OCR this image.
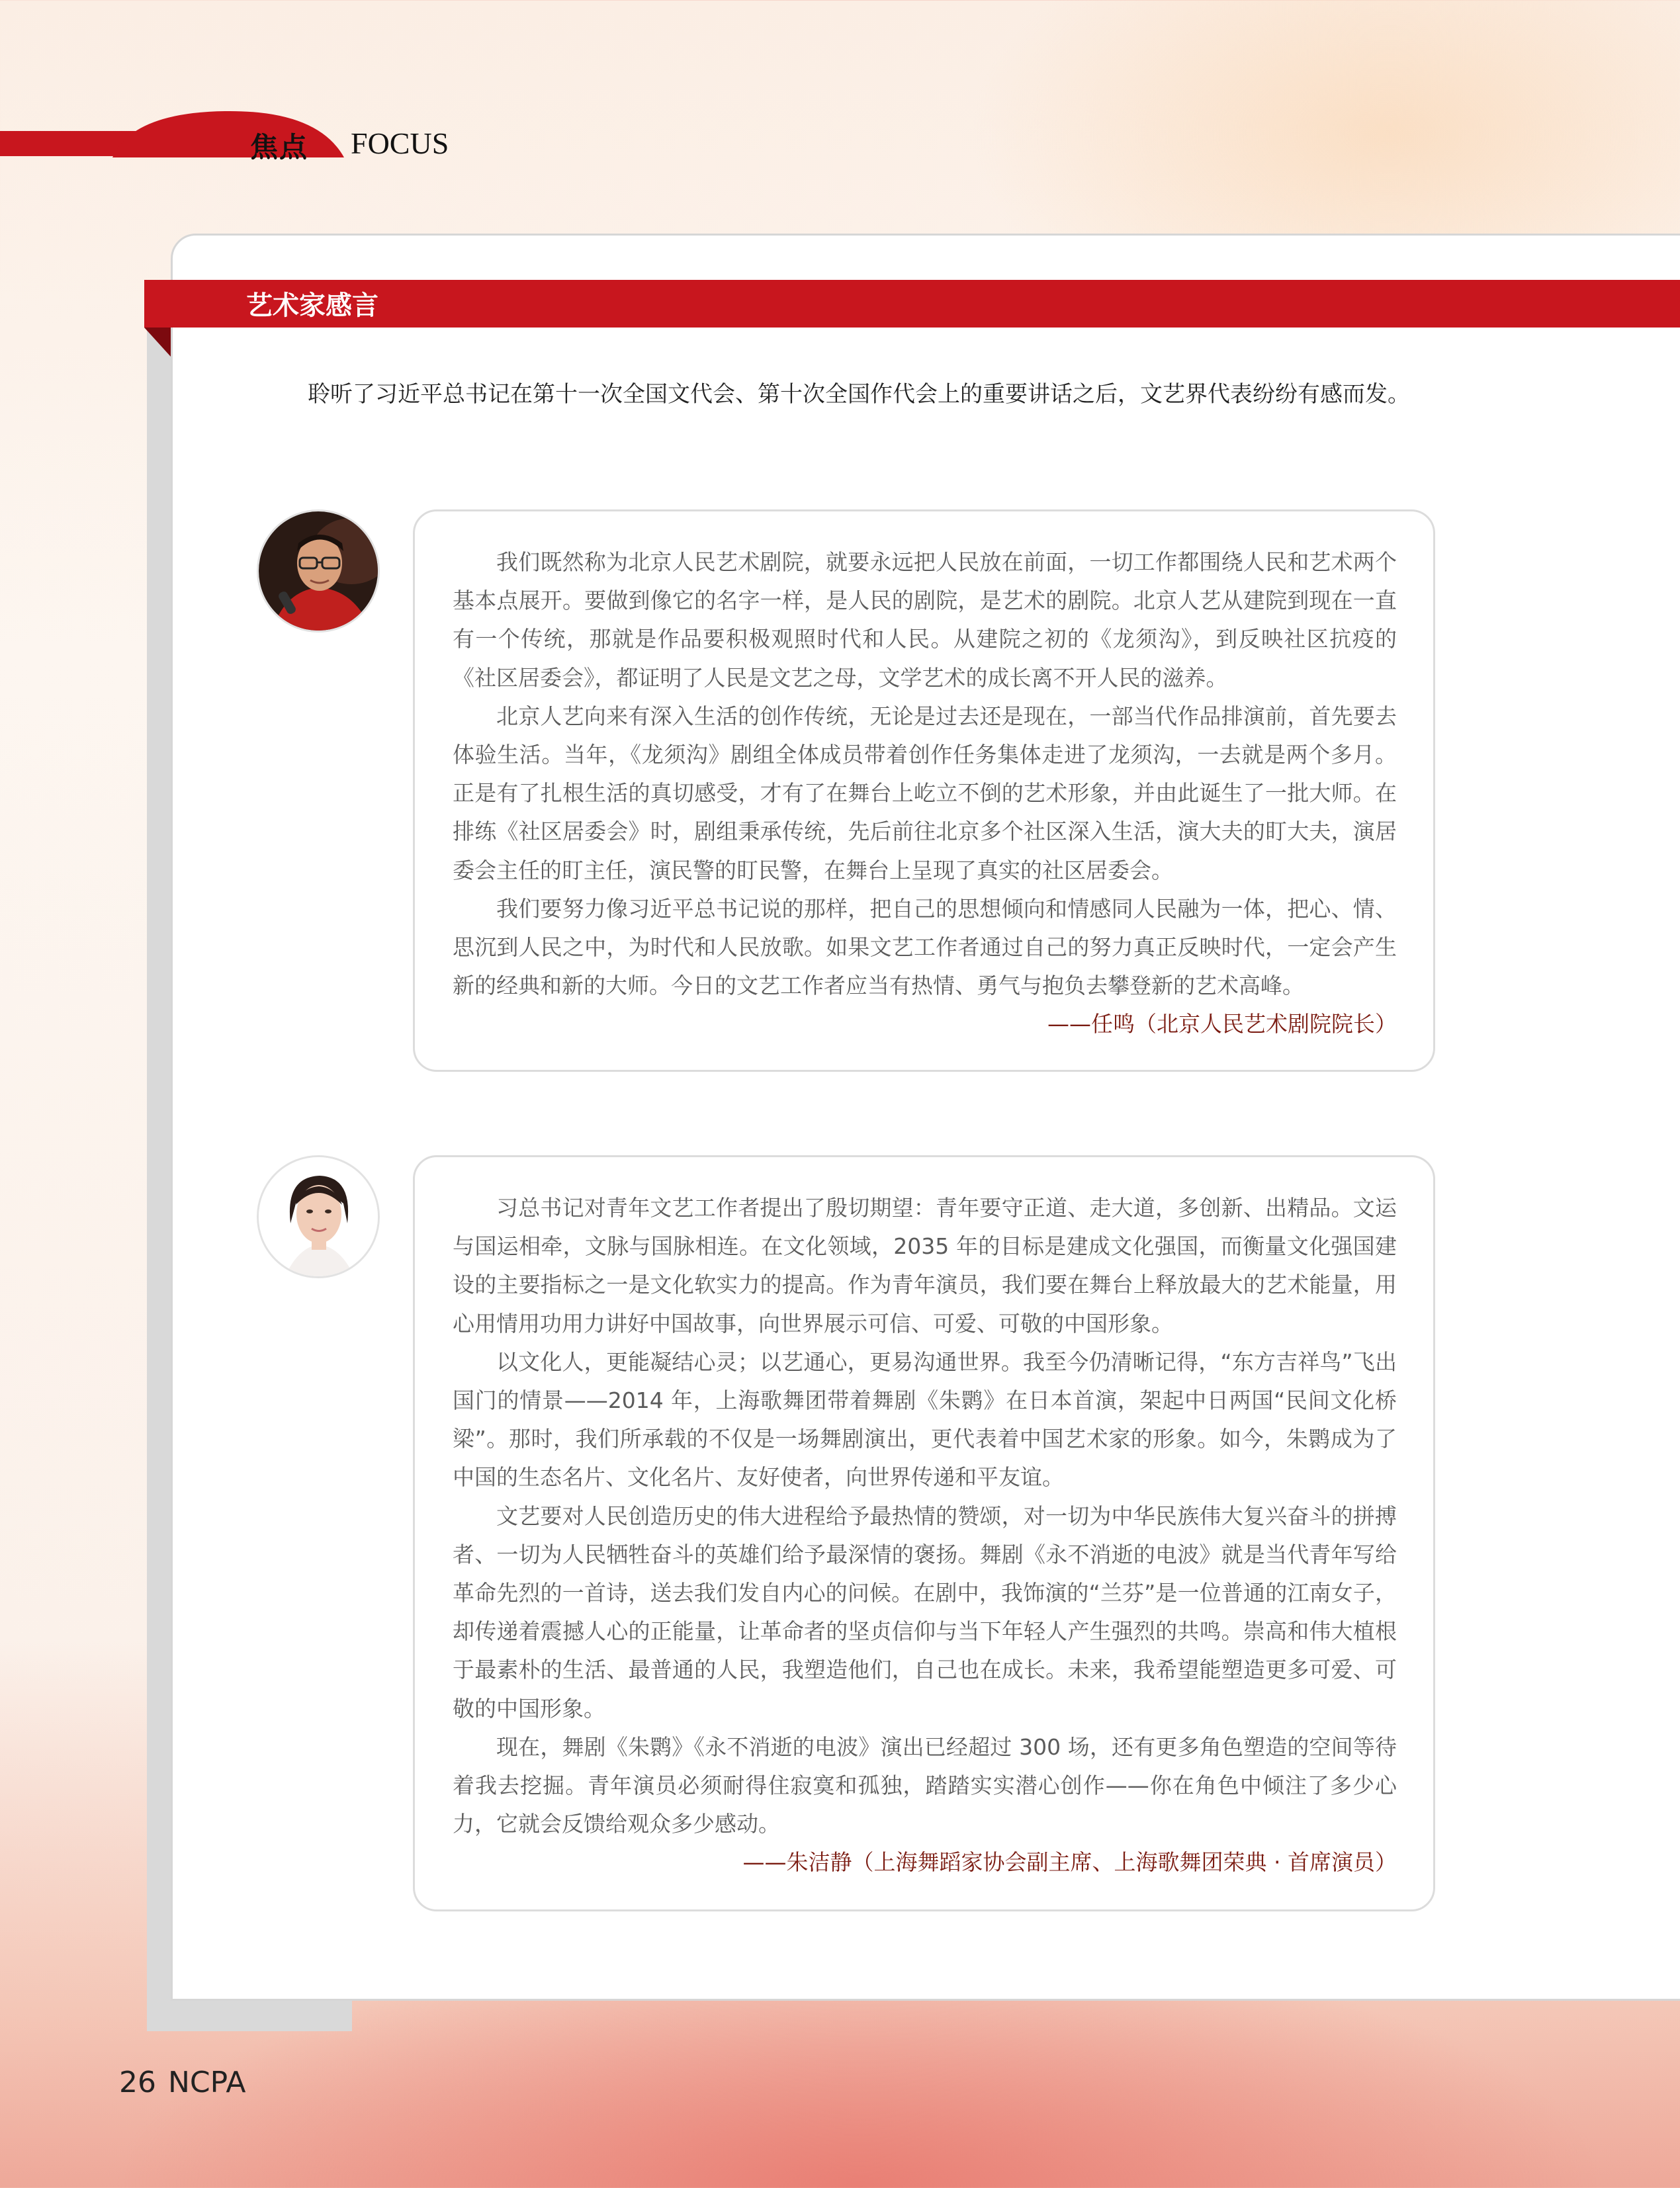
焦点 FOCUS
艺术家感言

聆听了习近平总书记在第十一次全国文代会、第十次全国作代会上的重要讲话之后，文艺界代表纷纷有感而发。

我们既然称为北京人民艺术剧院，就要永远把人民放在前面，一切工作都围绕人民和艺术两个基本点展开。要做到像它的名字一样，是人民的剧院，是艺术的剧院。北京人艺从建院到现在一直有一个传统，那就是作品要积极观照时代和人民。从建院之初的《龙须沟》，到反映社区抗疫的《社区居委会》，都证明了人民是文艺之母，文学艺术的成长离不开人民的滋养。

北京人艺向来有深入生活的创作传统，无论是过去还是现在，一部当代作品排演前，首先要去体验生活。当年，《龙须沟》剧组全体成员带着创作任务集体走进了龙须沟，一去就是两个多月。正是有了扎根生活的真切感受，才有了在舞台上屹立不倒的艺术形象，并由此诞生了一批大师。在排练《社区居委会》时，剧组秉承传统，先后前往北京多个社区深入生活，演大夫的盯大夫，演居委会主任的盯主任，演民警的盯民警，在舞台上呈现了真实的社区居委会。

我们要努力像习近平总书记说的那样，把自己的思想倾向和情感同人民融为一体，把心、情、思沉到人民之中，为时代和人民放歌。如果文艺工作者通过自己的努力真正反映时代，一定会产生新的经典和新的大师。今日的文艺工作者应当有热情、勇气与抱负去攀登新的艺术高峰。

——任鸣（北京人民艺术剧院院长）

习总书记对青年文艺工作者提出了殷切期望：青年要守正道、走大道，多创新、出精品。文运与国运相牵，文脉与国脉相连。在文化领域，2035 年的目标是建成文化强国，而衡量文化强国建设的主要指标之一是文化软实力的提高。作为青年演员，我们要在舞台上释放最大的艺术能量，用心用情用功用力讲好中国故事，向世界展示可信、可爱、可敬的中国形象。

以文化人，更能凝结心灵；以艺通心，更易沟通世界。我至今仍清晰记得，“东方吉祥鸟”飞出国门的情景——2014 年，上海歌舞团带着舞剧《朱鹮》在日本首演，架起中日两国“民间文化桥梁”。那时，我们所承载的不仅是一场舞剧演出，更代表着中国艺术家的形象。如今，朱鹮成为了中国的生态名片、文化名片、友好使者，向世界传递和平友谊。

文艺要对人民创造历史的伟大进程给予最热情的赞颂，对一切为中华民族伟大复兴奋斗的拼搏者、一切为人民牺牲奋斗的英雄们给予最深情的褒扬。舞剧《永不消逝的电波》就是当代青年写给革命先烈的一首诗，送去我们发自内心的问候。在剧中，我饰演的“兰芬”是一位普通的江南女子，却传递着震撼人心的正能量，让革命者的坚贞信仰与当下年轻人产生强烈的共鸣。崇高和伟大植根于最素朴的生活、最普通的人民，我塑造他们，自己也在成长。未来，我希望能塑造更多可爱、可敬的中国形象。

现在，舞剧《朱鹮》《永不消逝的电波》演出已经超过 300 场，还有更多角色塑造的空间等待着我去挖掘。青年演员必须耐得住寂寞和孤独，踏踏实实潜心创作——你在角色中倾注了多少心力，它就会反馈给观众多少感动。

——朱洁静（上海舞蹈家协会副主席、上海歌舞团荣典 · 首席演员）
26 NCPA
